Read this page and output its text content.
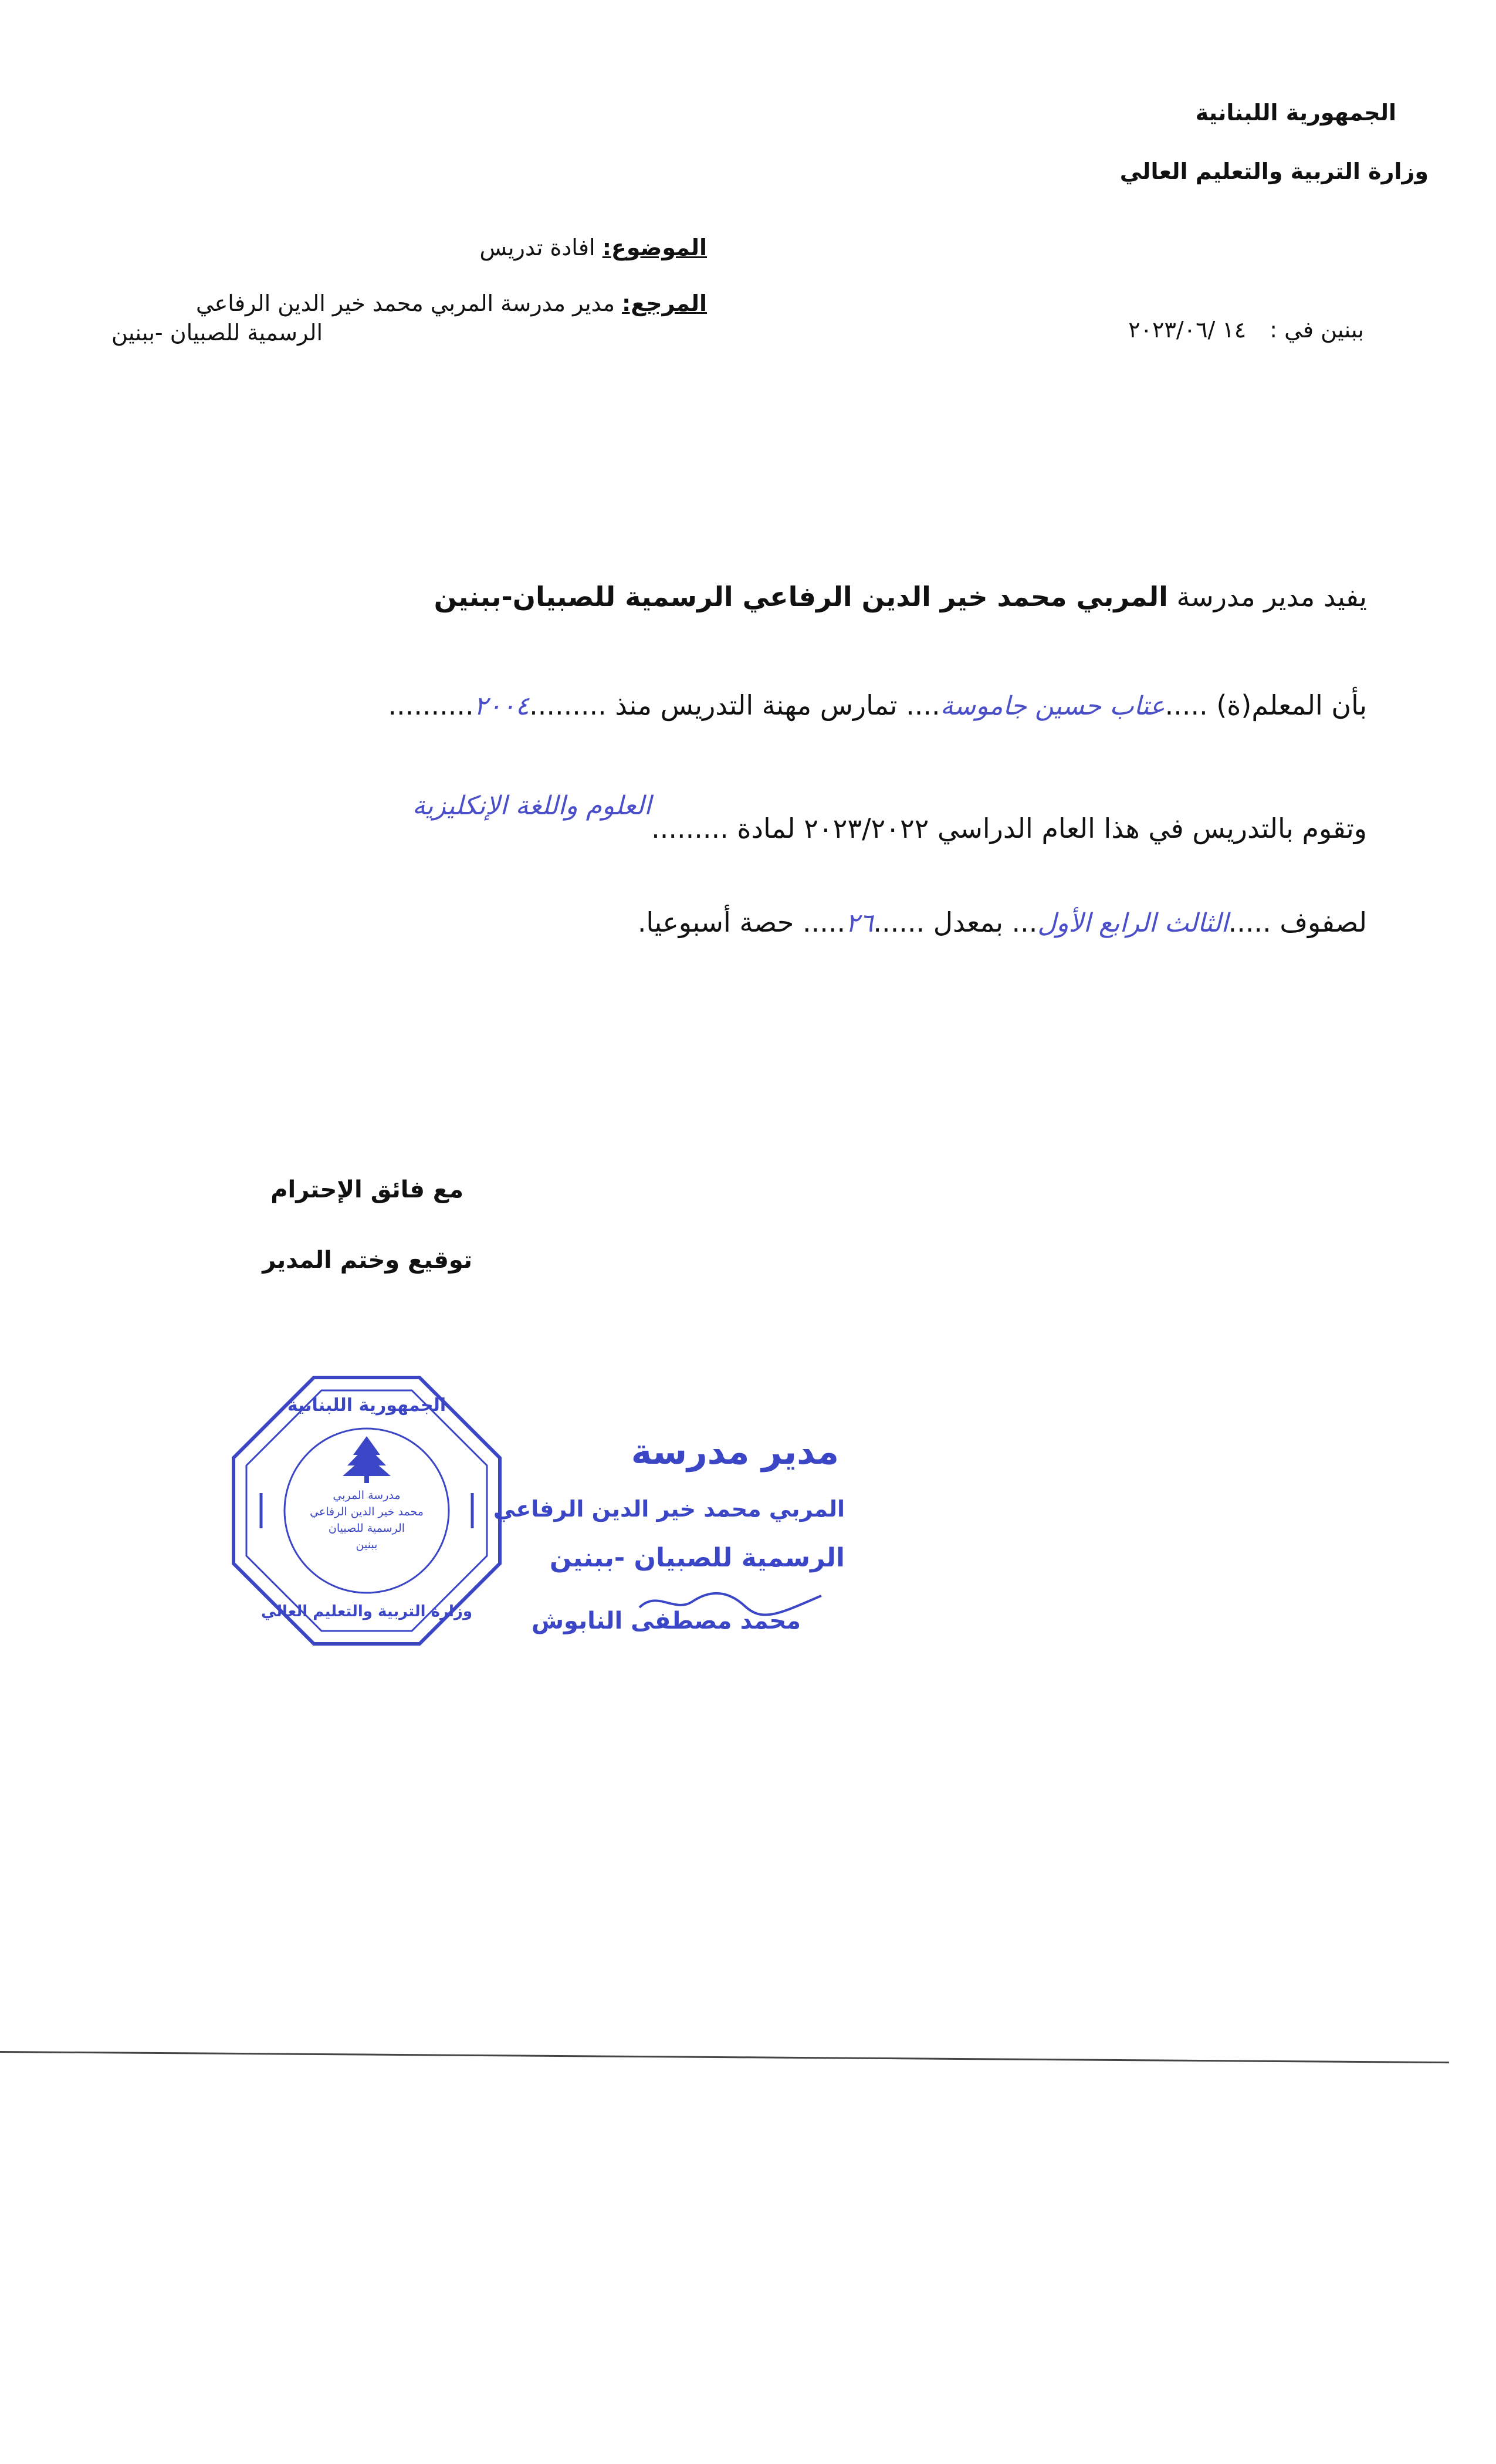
الجمهورية اللبنانية
وزارة التربية والتعليم العالي
الموضوع: افادة تدريس
المرجع: مدير مدرسة المربي محمد خير الدين الرفاعي
الرسمية للصبيان -ببنين	ببنين في : ١٤ /٢٠٢٣/٠٦
يفيد مدير مدرسة المربي محمد خير الدين الرفاعي الرسمية للصبيان-ببنين
بأن المعلم(ة) .....عتاب حسين جاموسة.... تمارس مهنة التدريس منذ .........٢٠٠٤..........
وتقوم بالتدريس في هذا العام الدراسي ٢٠٢٣/٢٠٢٢ لمادة .........العلوم واللغة الإنكليزية
لصفوف .....الثالث الرابع الأول... بمعدل ......٢٦..... حصة أسبوعيا.
مع فائق الإحترام
توقيع وختم المدير
الجمهورية اللبنانية
وزارة التربية والتعليم العالي
مدرسة المربي
محمد خير الدين الرفاعي
الرسمية للصبيان
ببنين
مدير مدرسة
المربي محمد خير الدين الرفاعي
الرسمية للصبيان -ببنين
محمد مصطفى النابوش
